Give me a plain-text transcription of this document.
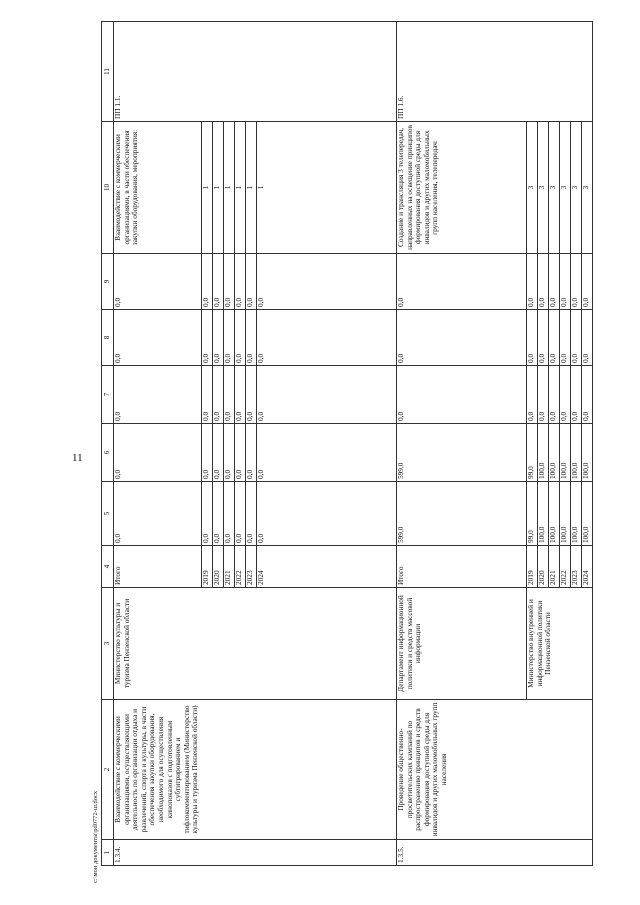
11
c:\мои документы\рd0772-ш.docx 1	2	3	4	5	6	7	8	9	10	11
1.3.4.	Взаимодействие с коммерческими организациями, осуществляющими деятельность по организации отдыха и развлечений, спорта и культуры, в части обеспечения закупки оборудования, необходимого для осуществления кинопоказов с подготовленным субтитрированием и тифлокомментированием (Министерство культуры и туризма Пензенской области)	Министерство культуры и туризма Пензенской области	Итого	0,0	0,0	0,0	0,0	0,0	Взаимодействие с коммерческими организациями, в части обеспечения закупки оборудования, мероприятия:	ПП 1.1.
			2019	0,0	0,0	0,0	0,0	0,0	1	
			2020	0,0	0,0	0,0	0,0	0,0	1	
			2021	0,0	0,0	0,0	0,0	0,0	1	
			2022	0,0	0,0	0,0	0,0	0,0	1	
			2023	0,0	0,0	0,0	0,0	0,0	1	
			2024	0,0	0,0	0,0	0,0	0,0	1	
1.3.5.	Проведение общественно-просветительских кампаний по распространению принципов и средств формирования доступной среды для инвалидов и других маломобильных групп населения	Департамент информационной политики и средств массовой информации	Итого	599,0	599,0	0,0	0,0	0,0	Создание и трансляция 3 телепередач, направленных на освещение принципов формирования доступной среды для инвалидов и других маломобильных групп населения, телепередач:	ПП 1.6.
		Министерство внутренней и информационной политики Пензенской области	2019	99,0	99,0	0,0	0,0	0,0	3	
			2020	100,0	100,0	0,0	0,0	0,0	3	
			2021	100,0	100,0	0,0	0,0	0,0	3	
			2022	100,0	100,0	0,0	0,0	0,0	3	
			2023	100,0	100,0	0,0	0,0	0,0	3	
			2024	100,0	100,0	0,0	0,0	0,0	3	
